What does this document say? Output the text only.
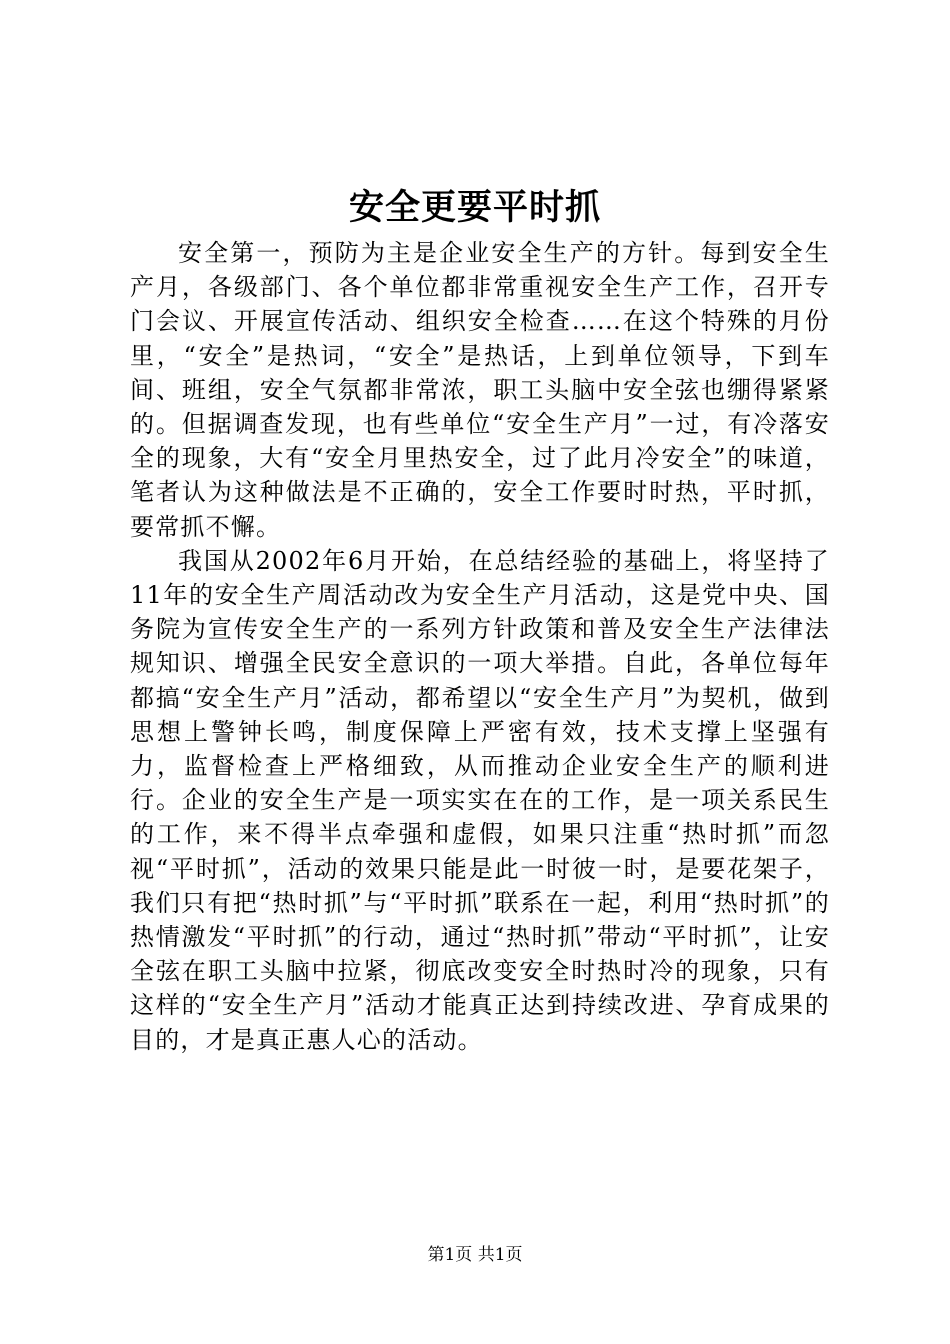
安全更要平时抓

安全第一，预防为主是企业安全生产的方针。每到安全生产月，各级部门、各个单位都非常重视安全生产工作，召开专门会议、开展宣传活动、组织安全检查……在这个特殊的月份里，“安全”是热词，“安全”是热话，上到单位领导，下到车间、班组，安全气氛都非常浓，职工头脑中安全弦也绷得紧紧的。但据调查发现，也有些单位“安全生产月”一过，有冷落安全的现象，大有“安全月里热安全，过了此月冷安全”的味道，笔者认为这种做法是不正确的，安全工作要时时热，平时抓，要常抓不懈。

我国从2002年6月开始，在总结经验的基础上，将坚持了11年的安全生产周活动改为安全生产月活动，这是党中央、国务院为宣传安全生产的一系列方针政策和普及安全生产法律法规知识、增强全民安全意识的一项大举措。自此，各单位每年都搞“安全生产月”活动，都希望以“安全生产月”为契机，做到思想上警钟长鸣，制度保障上严密有效，技术支撑上坚强有力，监督检查上严格细致，从而推动企业安全生产的顺利进行。企业的安全生产是一项实实在在的工作，是一项关系民生的工作，来不得半点牵强和虚假，如果只注重“热时抓”而忽视“平时抓”，活动的效果只能是此一时彼一时，是要花架子，我们只有把“热时抓”与“平时抓”联系在一起，利用“热时抓”的热情激发“平时抓”的行动，通过“热时抓”带动“平时抓”，让安全弦在职工头脑中拉紧，彻底改变安全时热时冷的现象，只有这样的“安全生产月”活动才能真正达到持续改进、孕育成果的目的，才是真正惠人心的活动。

第1页 共1页
